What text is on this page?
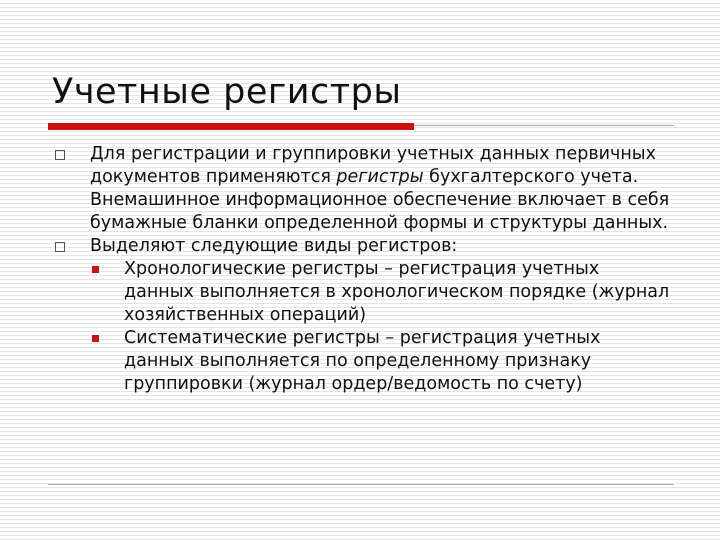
Учетные регистры
Для регистрации и группировки учетных данных первичных документов применяются регистры бухгалтерского учета. Внемашинное информационное обеспечение включает в себя бумажные бланки определенной формы и структуры данных.
Выделяют следующие виды регистров:
Хронологические регистры – регистрация учетных данных выполняется в хронологическом порядке (журнал хозяйственных операций)
Систематические регистры – регистрация учетных данных выполняется по определенному признаку группировки (журнал ордер/ведомость по счету)
